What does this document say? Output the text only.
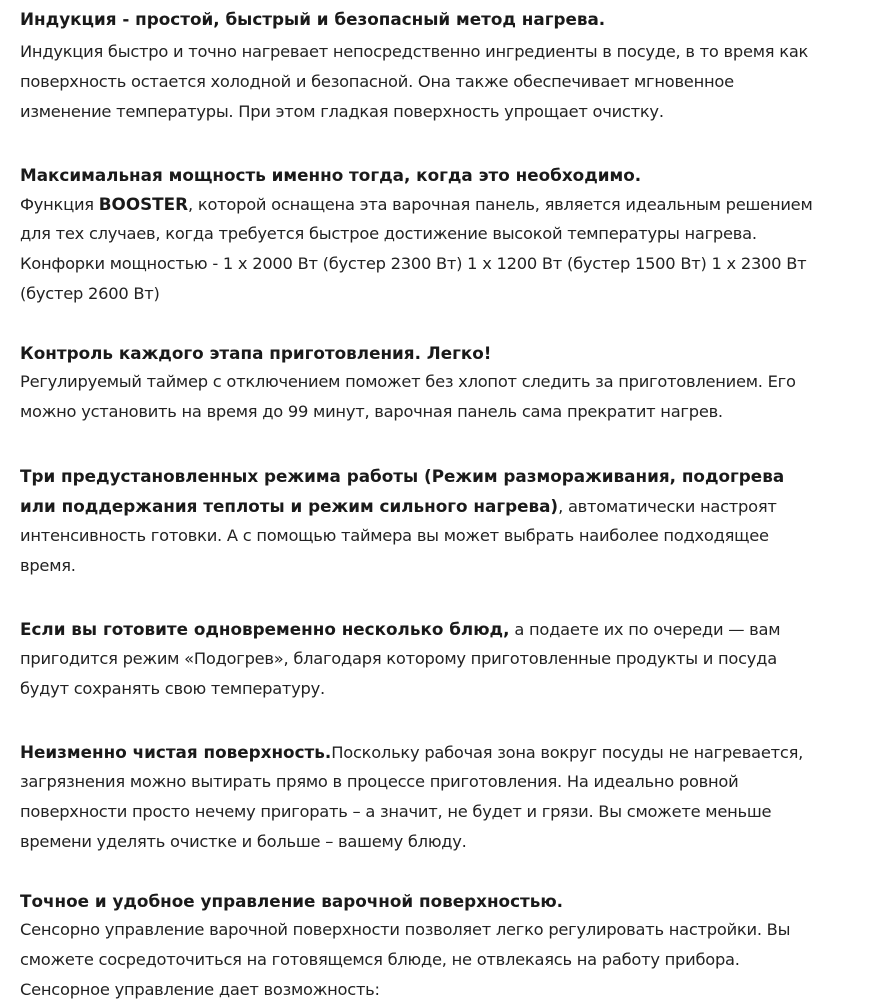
Индукция - простой, быстрый и безопасный метод нагрева.
Индукция быстро и точно нагревает непосредственно ингредиенты в посуде, в то время как
поверхность остается холодной и безопасной. Она также обеспечивает мгновенное
изменение температуры. При этом гладкая поверхность упрощает очистку.
Максимальная мощность именно тогда, когда это необходимо.
Функция BOOSTER, которой оснащена эта варочная панель, является идеальным решением
для тех случаев, когда требуется быстрое достижение высокой температуры нагрева.
Конфорки мощностью - 1 х 2000 Вт (бустер 2300 Вт) 1 х 1200 Вт (бустер 1500 Вт) 1 х 2300 Вт
(бустер 2600 Вт)
Контроль каждого этапа приготовления. Легко!
Регулируемый таймер с отключением поможет без хлопот следить за приготовлением. Его
можно установить на время до 99 минут, варочная панель сама прекратит нагрев.
Три предустановленных режима работы (Режим размораживания, подогрева
или поддержания теплоты и режим сильного нагрева), автоматически настроят
интенсивность готовки. А с помощью таймера вы может выбрать наиболее подходящее
время.
Если вы готовите одновременно несколько блюд, а подаете их по очереди — вам
пригодится режим «Подогрев», благодаря которому приготовленные продукты и посуда
будут сохранять свою температуру.
Неизменно чистая поверхность.Поскольку рабочая зона вокруг посуды не нагревается,
загрязнения можно вытирать прямо в процессе приготовления. На идеально ровной
поверхности просто нечему пригорать – а значит, не будет и грязи. Вы сможете меньше
времени уделять очистке и больше – вашему блюду.
Точное и удобное управление варочной поверхностью.
Сенсорно управление варочной поверхности позволяет легко регулировать настройки. Вы
сможете сосредоточиться на готовящемся блюде, не отвлекаясь на работу прибора.
Сенсорное управление дает возможность:
